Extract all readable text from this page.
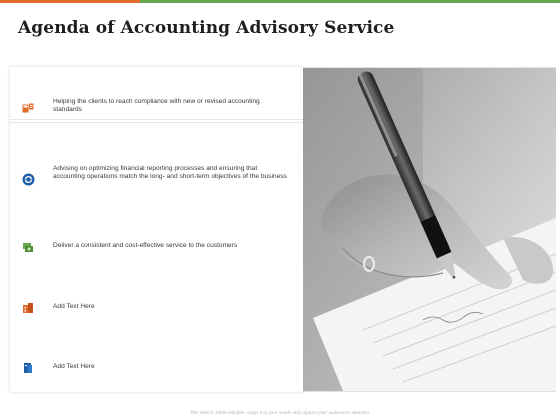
Agenda of Accounting Advisory Service
Helping the clients to reach compliance with new or revised accounting standards
Advising on optimizing financial reporting processes and ensuring that accounting operations match the long- and short-term objectives of the business
Deliver a consistent and cost-effective service to the customers
Add Text Here
Add Text Here
This slide is 100% editable. Adapt it to your needs and capture your audience's attention.
